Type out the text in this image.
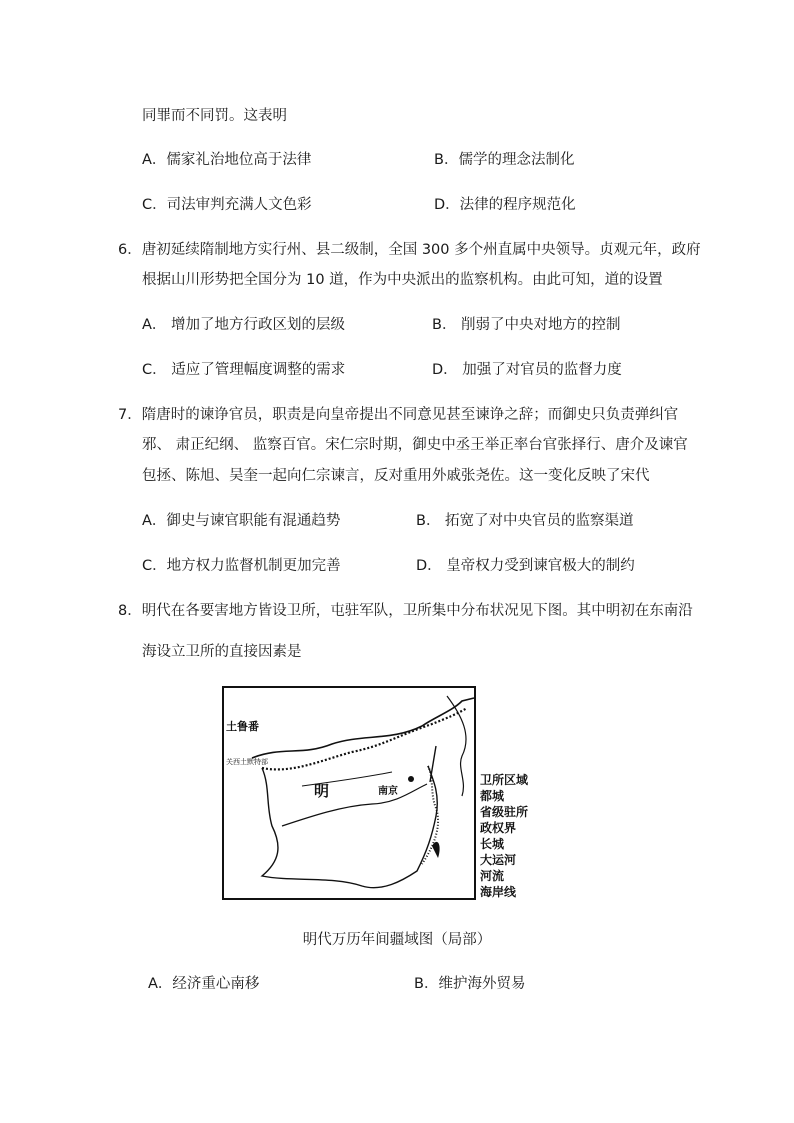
同罪而不同罚。这表明
A．儒家礼治地位高于法律	B．儒学的理念法制化
C．司法审判充满人文色彩	D．法律的程序规范化
6．唐初延续隋制地方实行州、县二级制，全国 300 多个州直属中央领导。贞观元年，政府
根据山川形势把全国分为 10 道，作为中央派出的监察机构。由此可知，道的设置
A． 增加了地方行政区划的层级	B． 削弱了中央对地方的控制
C． 适应了管理幅度调整的需求	D． 加强了对官员的监督力度
7．隋唐时的谏诤官员，职责是向皇帝提出不同意见甚至谏诤之辞；而御史只负责弹纠官
邪、 肃正纪纲、 监察百官。宋仁宗时期，御史中丞王举正率台官张择行、唐介及谏官
包拯、陈旭、吴奎一起向仁宗谏言，反对重用外戚张尧佐。这一变化反映了宋代
A．御史与谏官职能有混通趋势	B． 拓宽了对中央官员的监察渠道
C．地方权力监督机制更加完善	D． 皇帝权力受到谏官极大的制约
8．明代在各要害地方皆设卫所，屯驻军队，卫所集中分布状况见下图。其中明初在东南沿
海设立卫所的直接因素是
土鲁番
关西土默特部
明	南京
卫所区域
都城
省级驻所
政权界
长城
大运河
河流
海岸线
明代万历年间疆域图（局部）
A．经济重心南移	B．维护海外贸易
